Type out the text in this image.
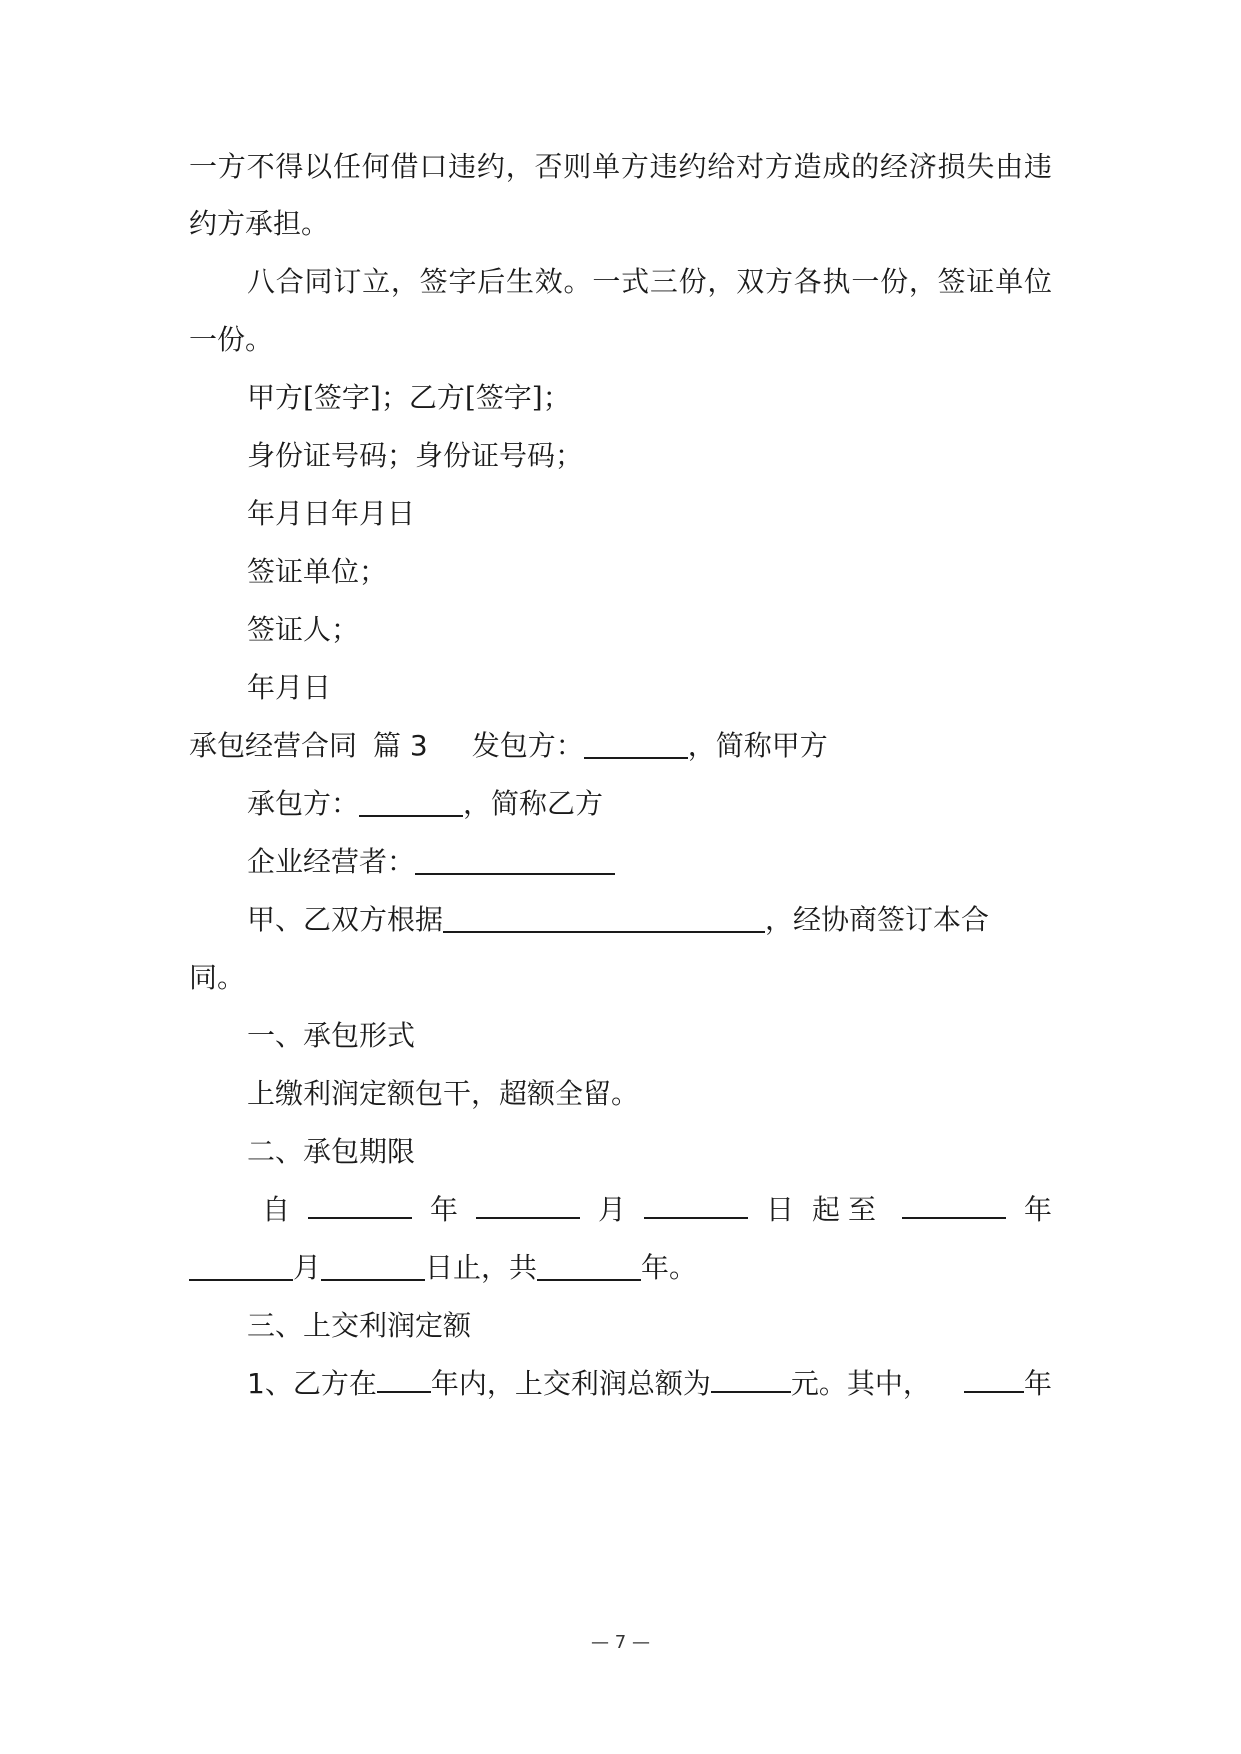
一方不得以任何借口违约，否则单方违约给对方造成的经济损失由违
约方承担。
八合同订立，签字后生效。一式三份，双方各执一份，签证单位
一份。
甲方[签字]；乙方[签字]；
身份证号码；身份证号码；
年月日年月日
签证单位；
签证人；
年月日
承包经营合同 篇 3 发包方：	，简称甲方
承包方：	，简称乙方
企业经营者：
甲、乙双方根据	，经协商签订本合
同。
一、承包形式
上缴利润定额包干，超额全留。
二、承包期限
自	年	月	日 起至	年
月	日止，共	年。
三、上交利润定额
1 、乙方在 年内，上交利润总额为	元。其中，	年
— 7 —
